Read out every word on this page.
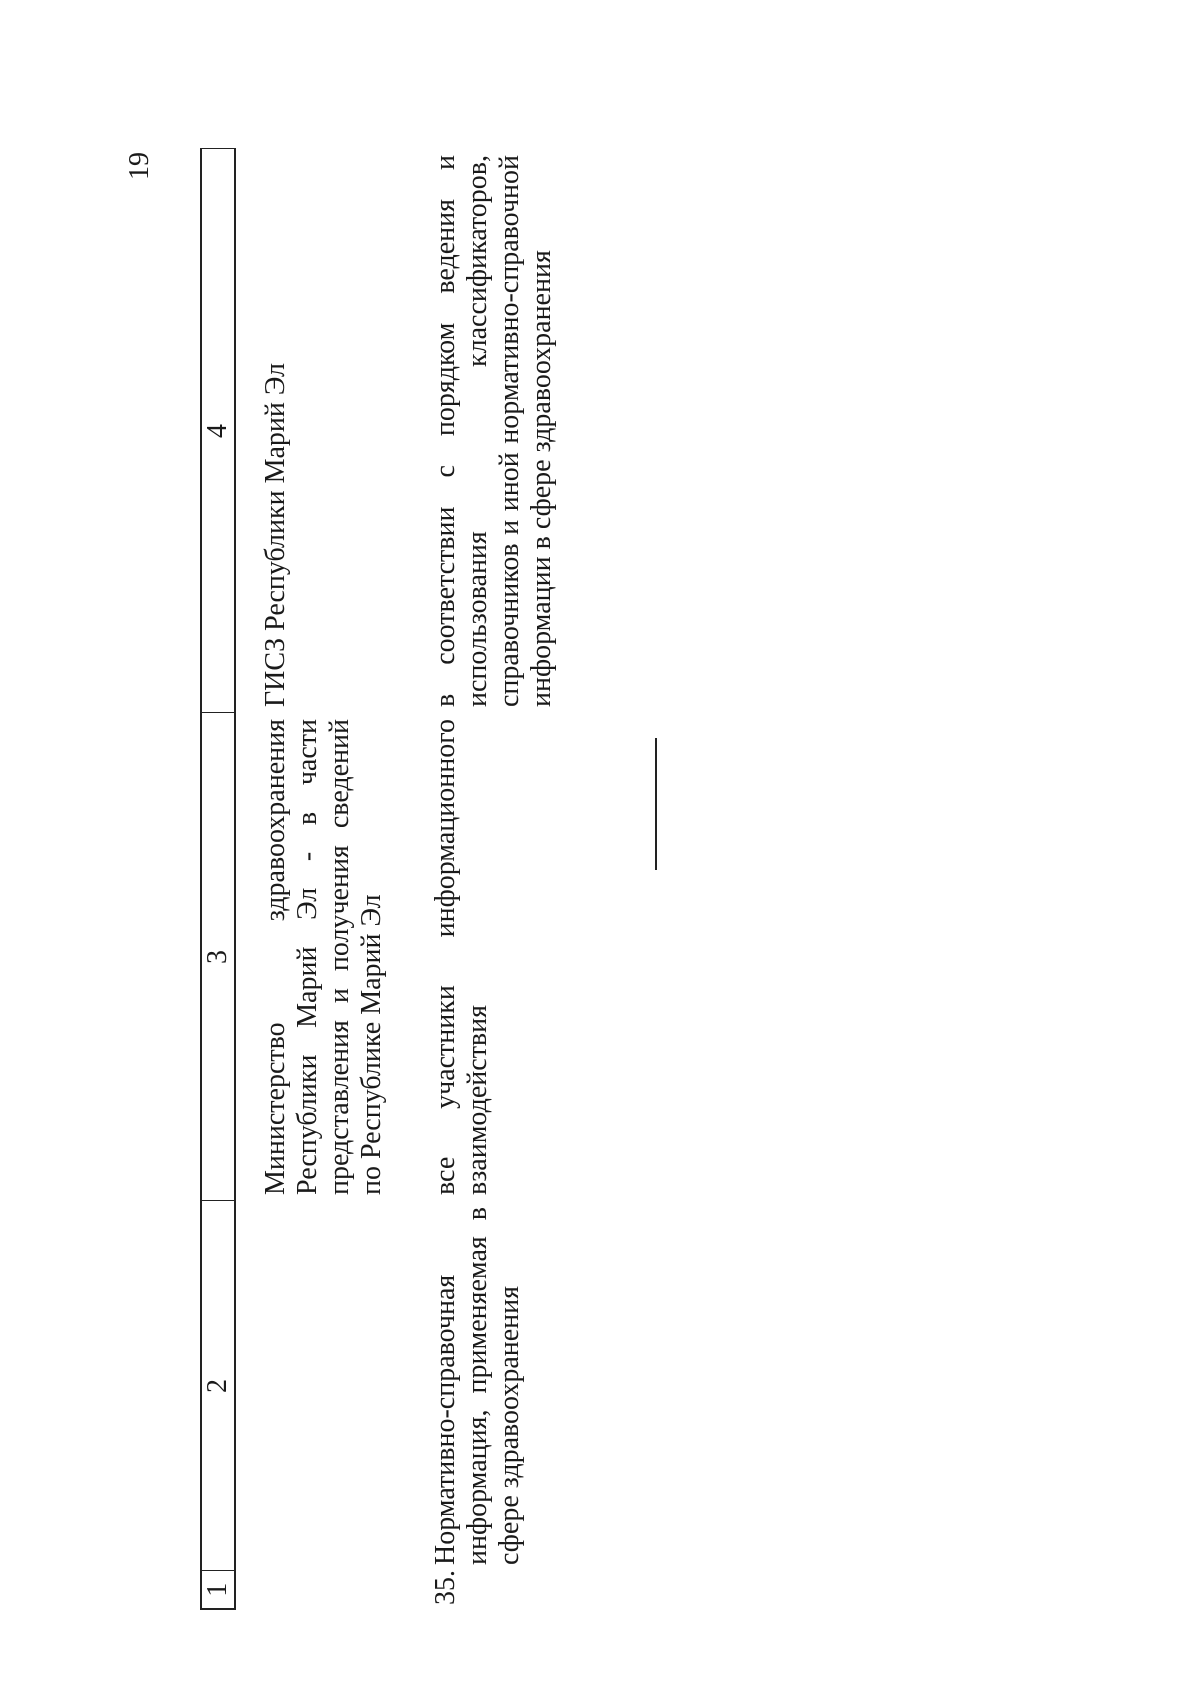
19
1	2	3	4
		Министерство здравоохранения Республики Марий Эл - в части представления и получения сведений по Республике Марий Эл	ГИСЗ Республики Марий Эл
35.	Нормативно-справочная информация, применяемая в сфере здравоохранения	все участники информационного взаимодействия	в соответствии с порядком ведения и использования классификаторов, справочников и иной нормативно-справочной информации в сфере здравоохранения
